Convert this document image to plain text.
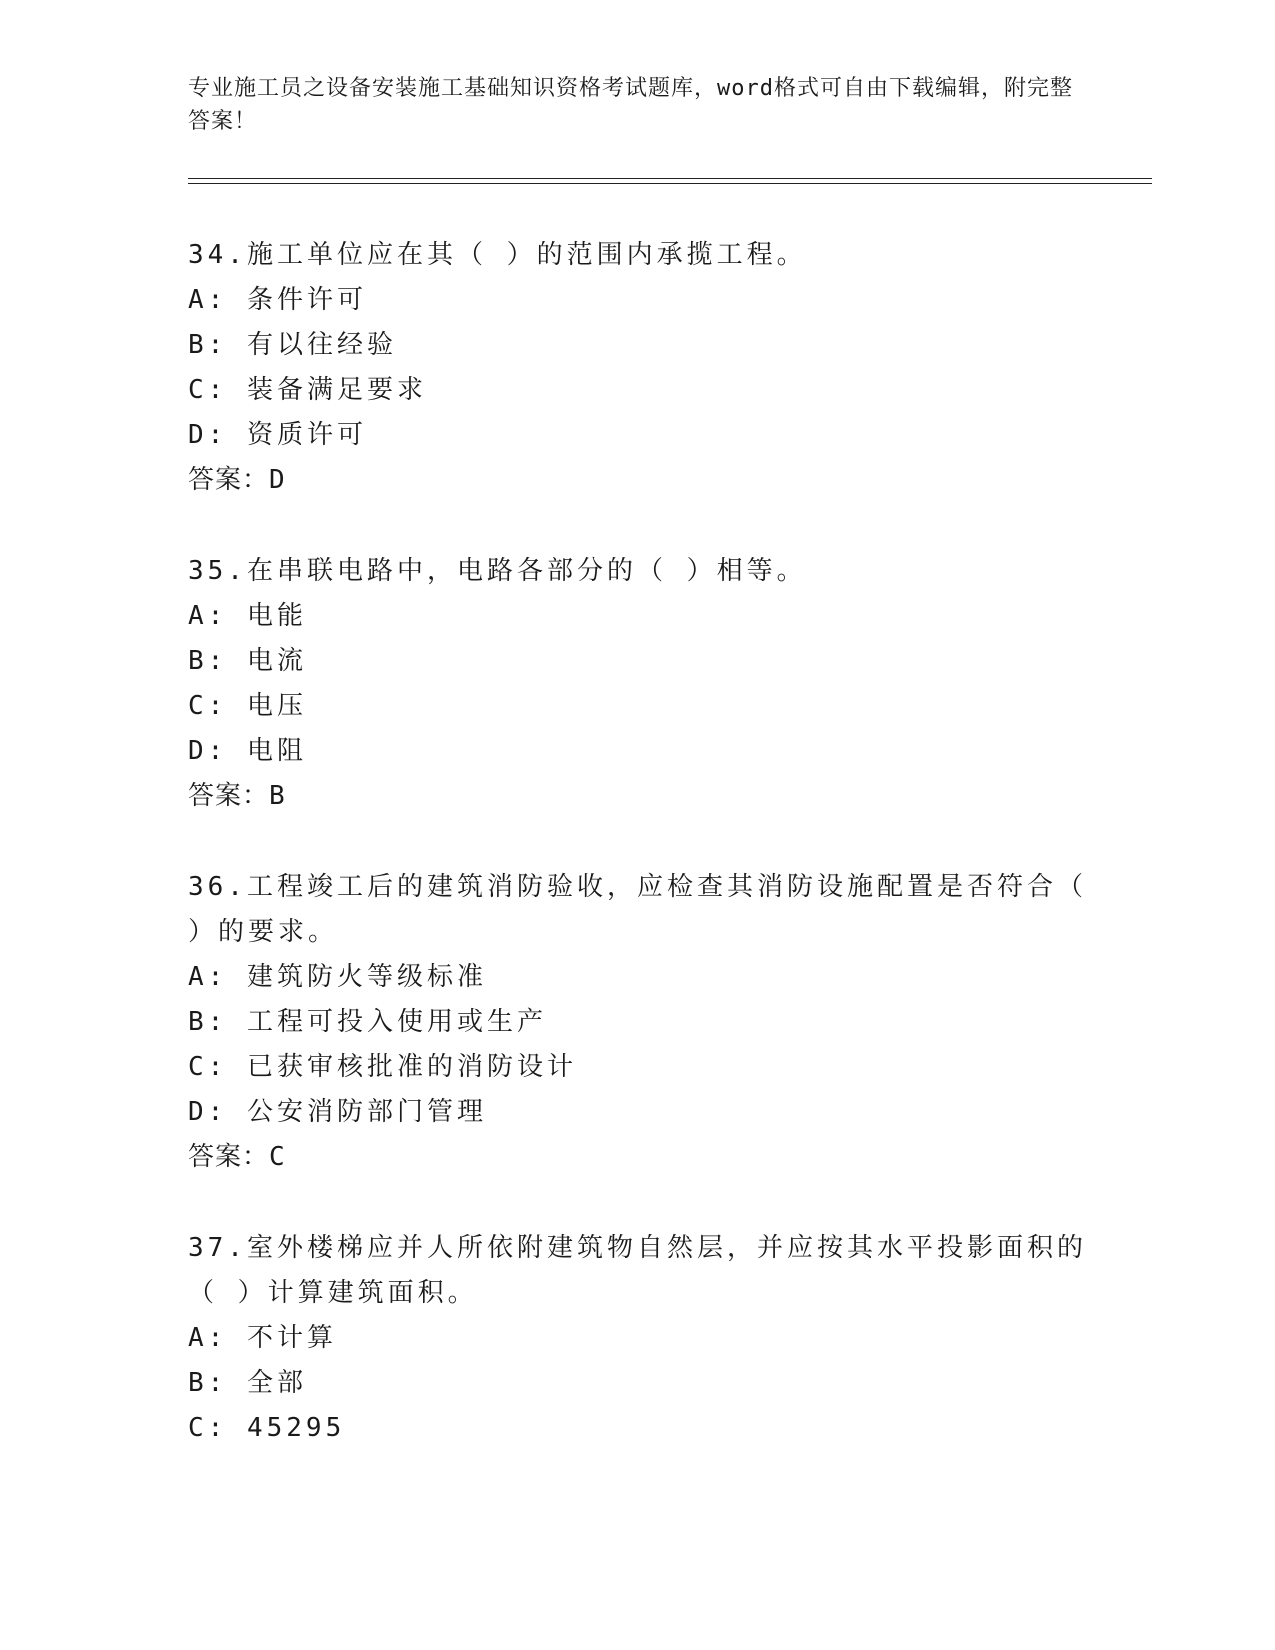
专业施工员之设备安装施工基础知识资格考试题库，word格式可自由下载编辑，附完整答案！

34.施工单位应在其（ ）的范围内承揽工程。

A: 条件许可
B: 有以往经验
C: 装备满足要求
D: 资质许可
答案：D

35.在串联电路中，电路各部分的（ ）相等。

A: 电能
B: 电流
C: 电压
D: 电阻
答案：B

36.工程竣工后的建筑消防验收，应检查其消防设施配置是否符合（ ）的要求。

A: 建筑防火等级标准
B: 工程可投入使用或生产
C: 已获审核批准的消防设计
D: 公安消防部门管理
答案：C

37.室外楼梯应并人所依附建筑物自然层，并应按其水平投影面积的（ ）计算建筑面积。

A: 不计算
B: 全部
C: 45295
